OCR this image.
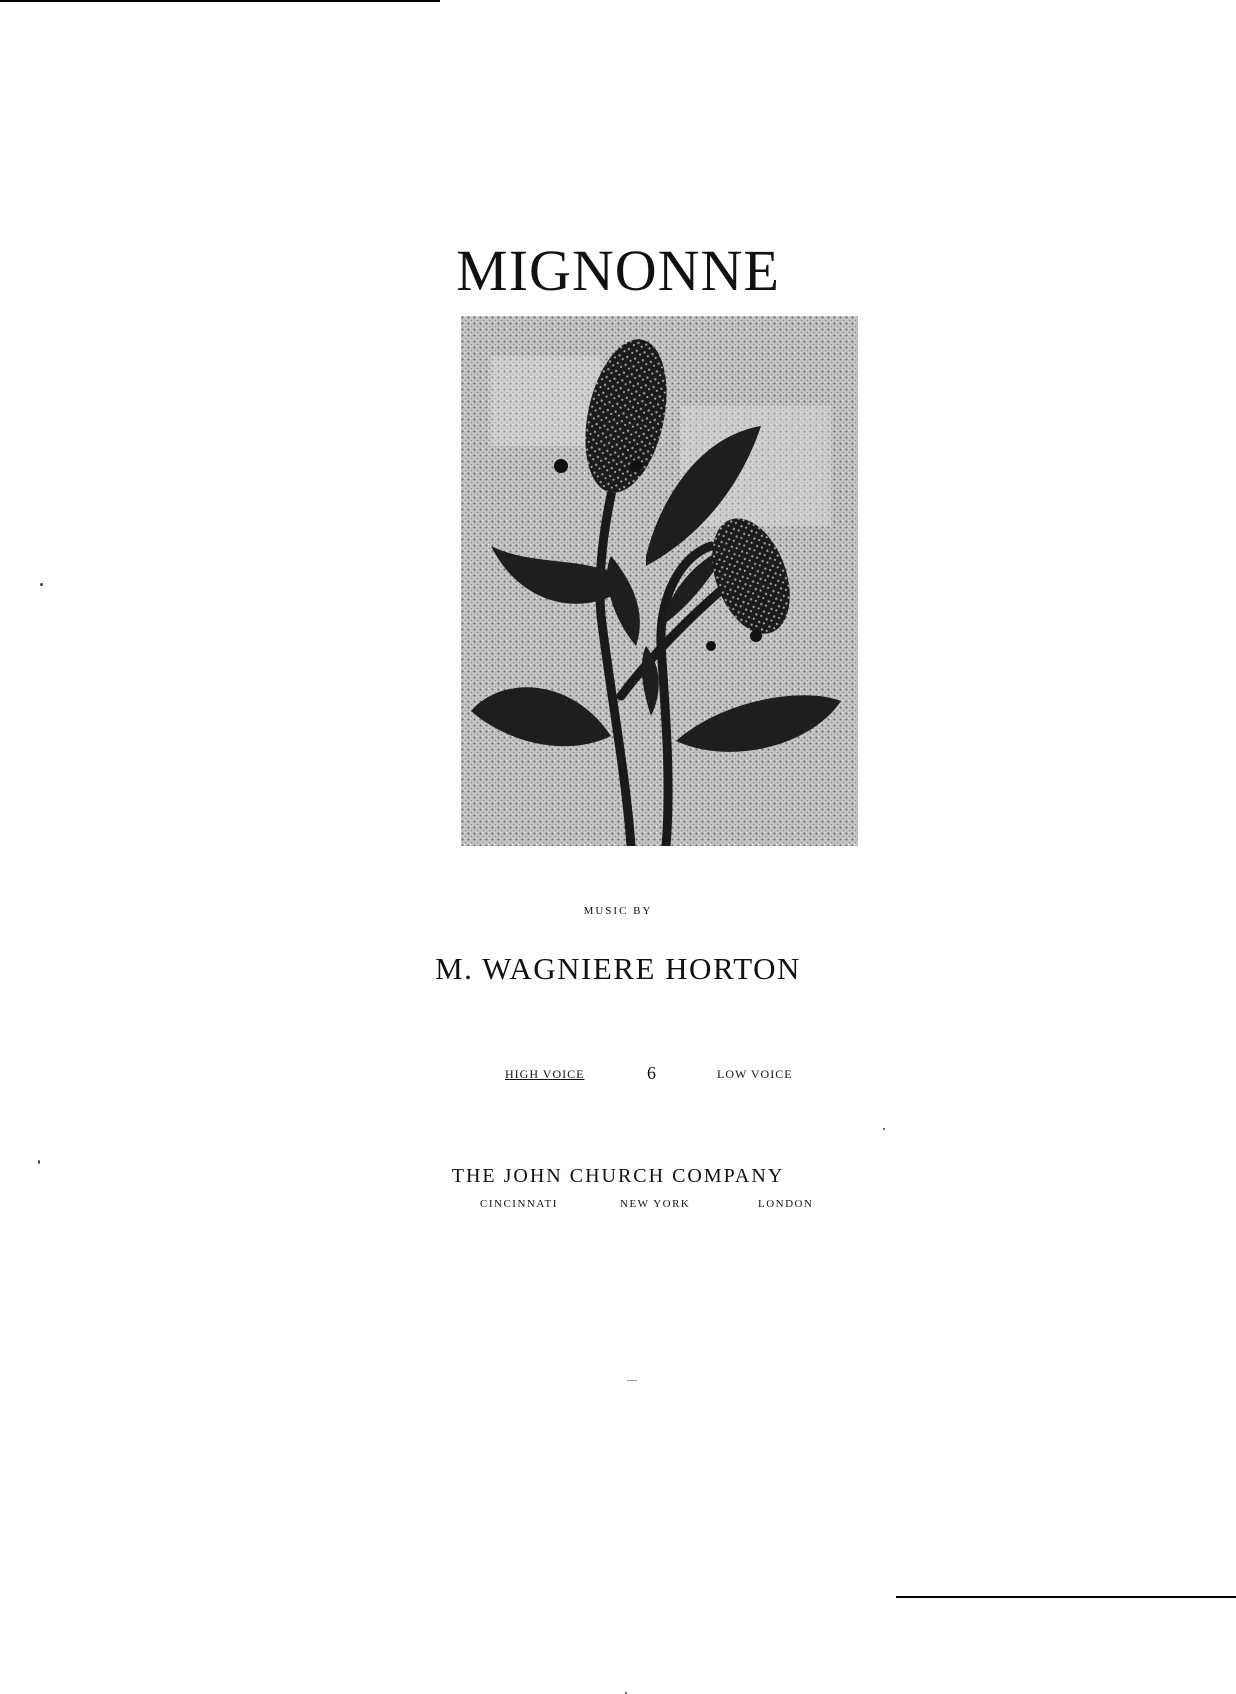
MIGNONNE
MUSIC BY
M. WAGNIERE HORTON
HIGH VOICE	6	LOW VOICE
THE JOHN CHURCH COMPANY
CINCINNATI	NEW YORK	LONDON
